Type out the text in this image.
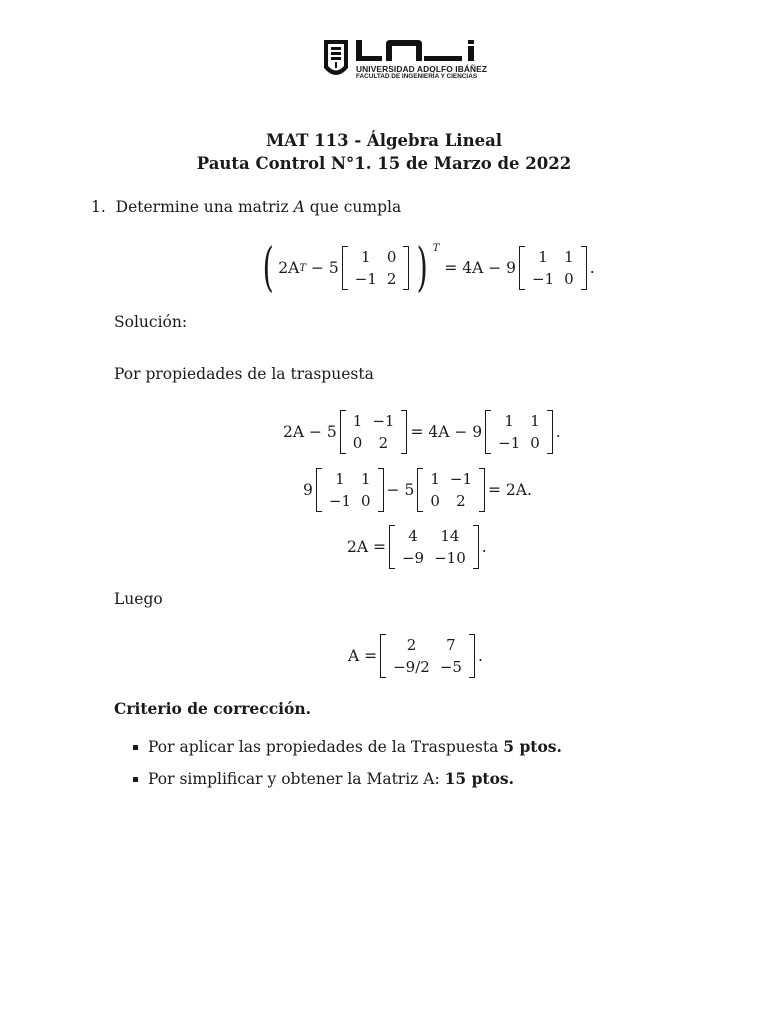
UNIVERSIDAD ADOLFO IBÁÑEZ
FACULTAD DE INGENIERÍA Y CIENCIAS
MAT 113 - Álgebra Lineal
Pauta Control N°1. 15 de Marzo de 2022
1. Determine una matriz A que cumpla
( 2A T
− 5
1	0
−1	2 ) $^T$

= 4A − 9
1	1
−1	0
.
Solución:
Por propiedades de la traspuesta
2A − 5
1	−1
0	2
= 4A − 9
1	1
−1	0
.
9
1	1
−1	0
− 5
1	−1
0	2
= 2A.
2A =
4	14
−9	−10
.
Luego
A =
2	7
−9/2	−5
.
Criterio de corrección.
Por aplicar las propiedades de la Traspuesta 5 ptos.
Por simplificar y obtener la Matriz A: 15 ptos.
